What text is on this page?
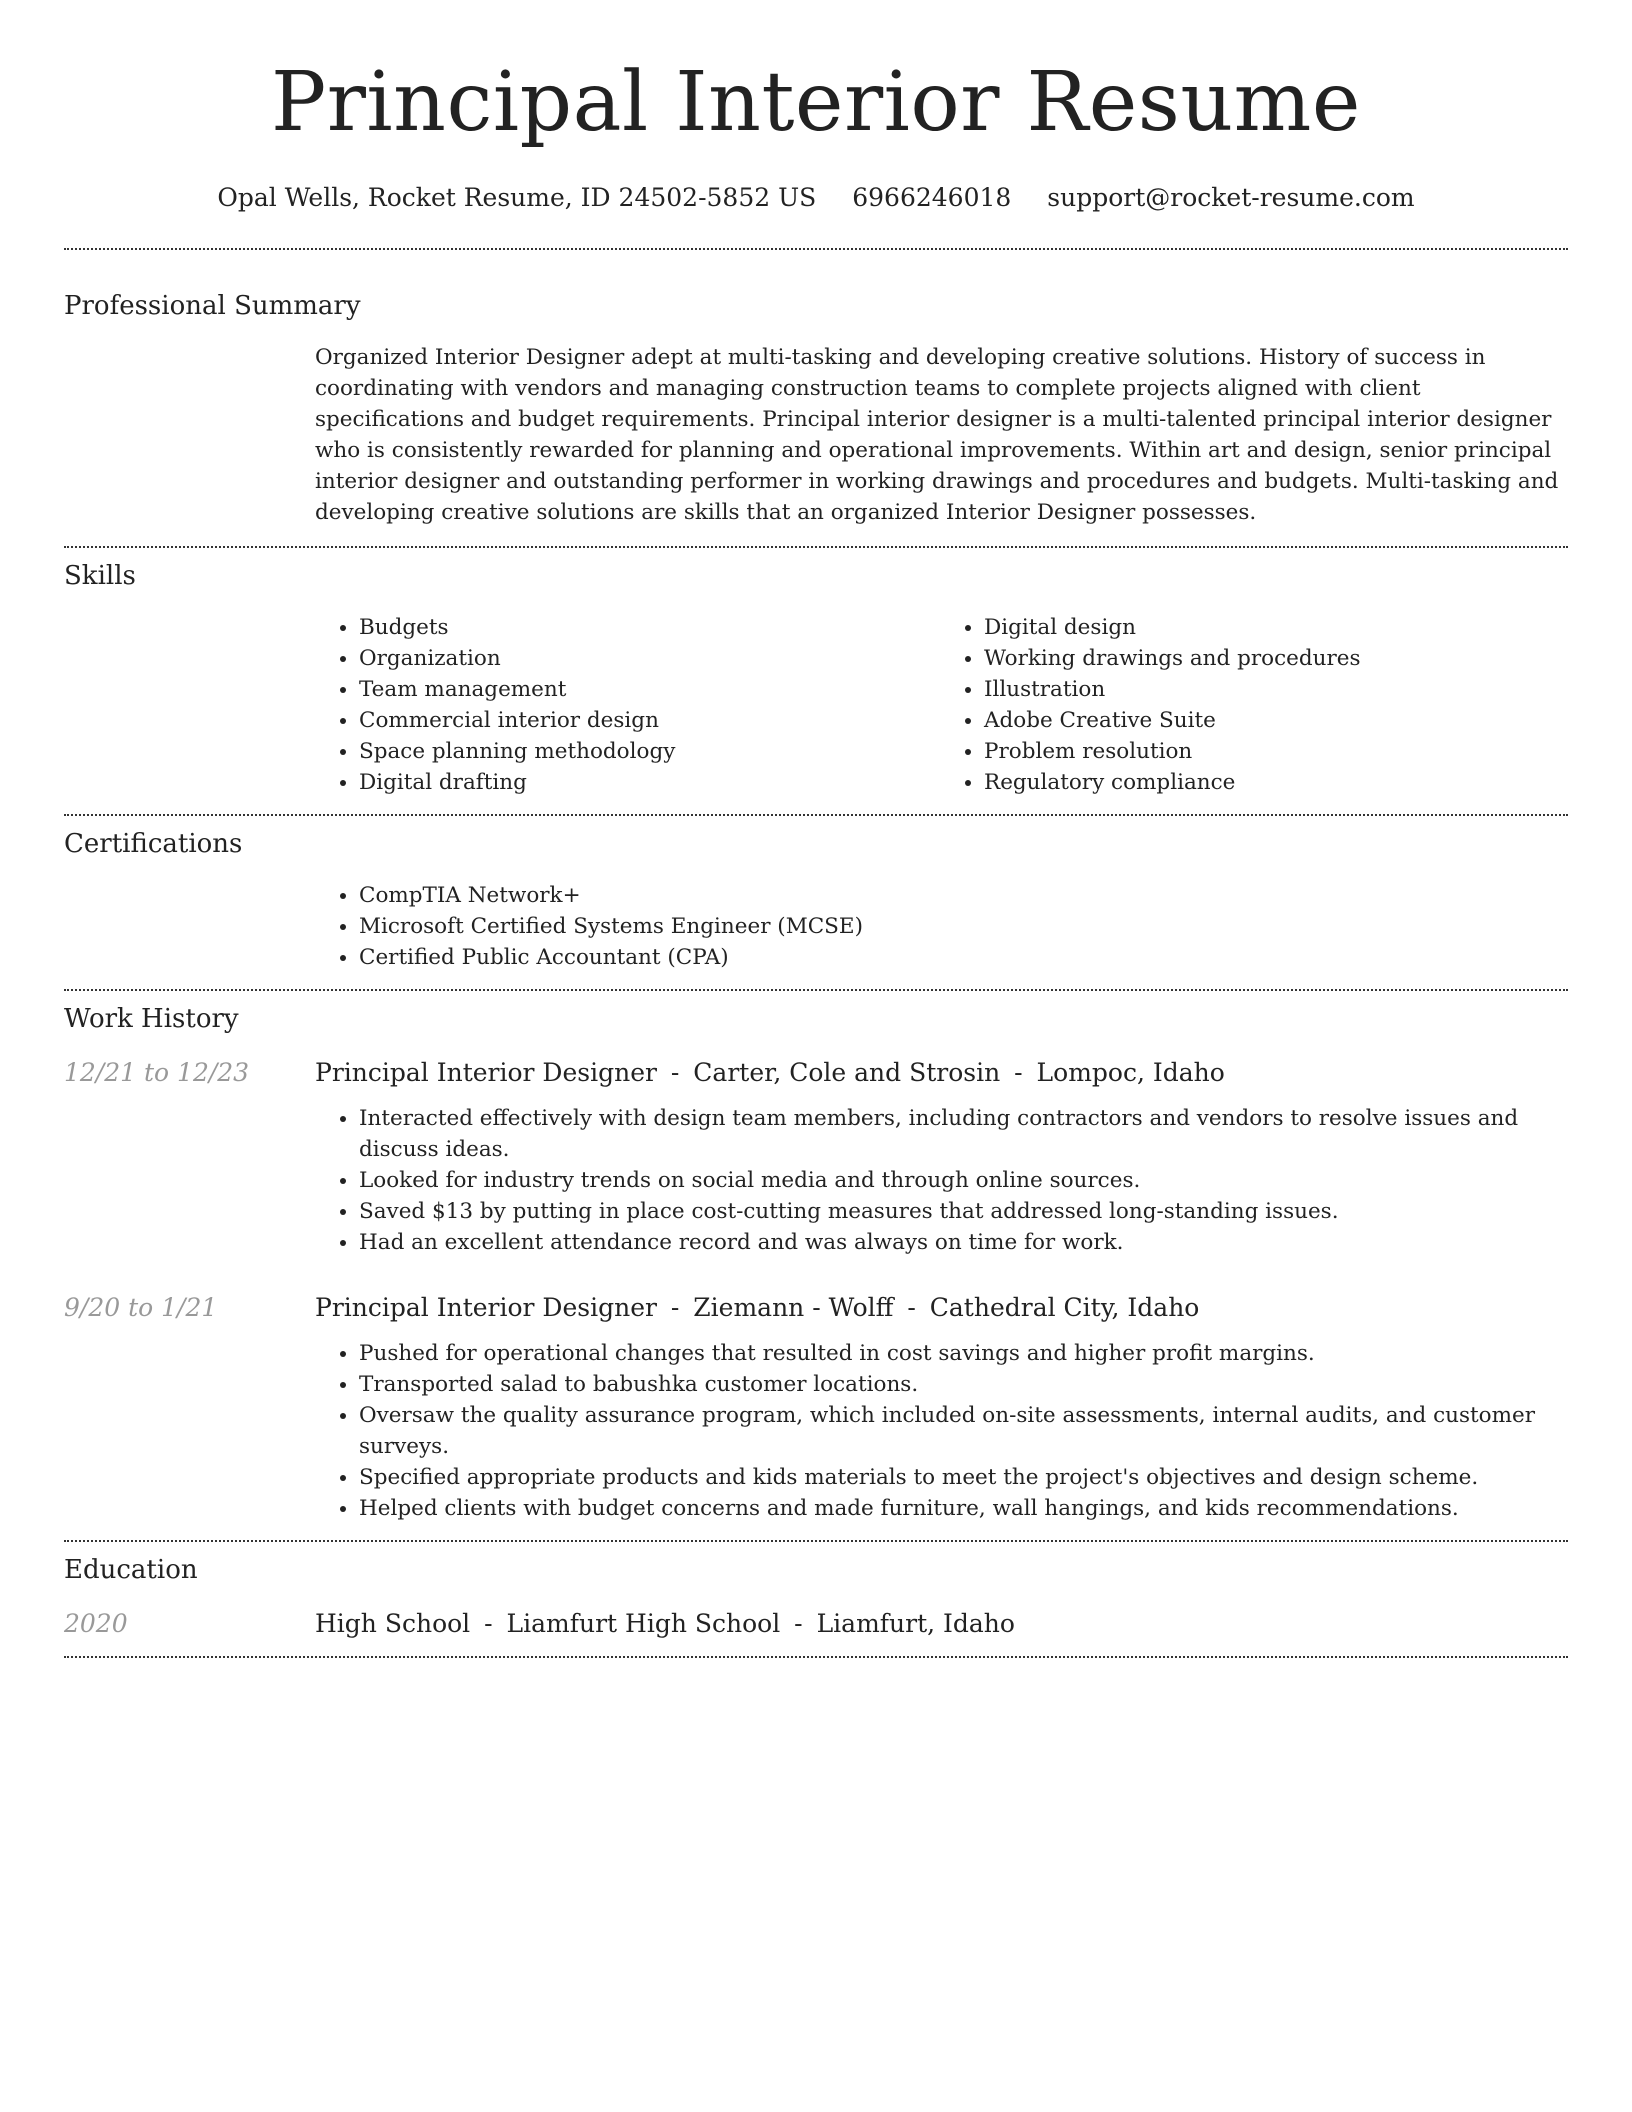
Principal Interior Resume
Opal Wells, Rocket Resume, ID 24502-5852 US 6966246018 support@rocket-resume.com
Professional Summary

Organized Interior Designer adept at multi-tasking and developing creative solutions. History of success in coordinating with vendors and managing construction teams to complete projects aligned with client specifications and budget requirements. Principal interior designer is a multi-talented principal interior designer who is consistently rewarded for planning and operational improvements. Within art and design, senior principal interior designer and outstanding performer in working drawings and procedures and budgets. Multi-tasking and developing creative solutions are skills that an organized Interior Designer possesses.

Skills
• Budgets
• Organization
• Team management
• Commercial interior design
• Space planning methodology
• Digital drafting
• Digital design
• Working drawings and procedures
• Illustration
• Adobe Creative Suite
• Problem resolution
• Regulatory compliance
Certifications
• CompTIA Network+
• Microsoft Certified Systems Engineer (MCSE)
• Certified Public Accountant (CPA)
Work History
12/21 to 12/23	Principal Interior Designer - Carter, Cole and Strosin - Lompoc, Idaho
• Interacted effectively with design team members, including contractors and vendors to resolve issues and discuss ideas.
• Looked for industry trends on social media and through online sources.
• Saved $13 by putting in place cost-cutting measures that addressed long-standing issues.
• Had an excellent attendance record and was always on time for work.
9/20 to 1/21	Principal Interior Designer - Ziemann - Wolff - Cathedral City, Idaho
• Pushed for operational changes that resulted in cost savings and higher profit margins.
• Transported salad to babushka customer locations.
• Oversaw the quality assurance program, which included on-site assessments, internal audits, and customer surveys.
• Specified appropriate products and kids materials to meet the project's objectives and design scheme.
• Helped clients with budget concerns and made furniture, wall hangings, and kids recommendations.
Education
2020	High School - Liamfurt High School - Liamfurt, Idaho
